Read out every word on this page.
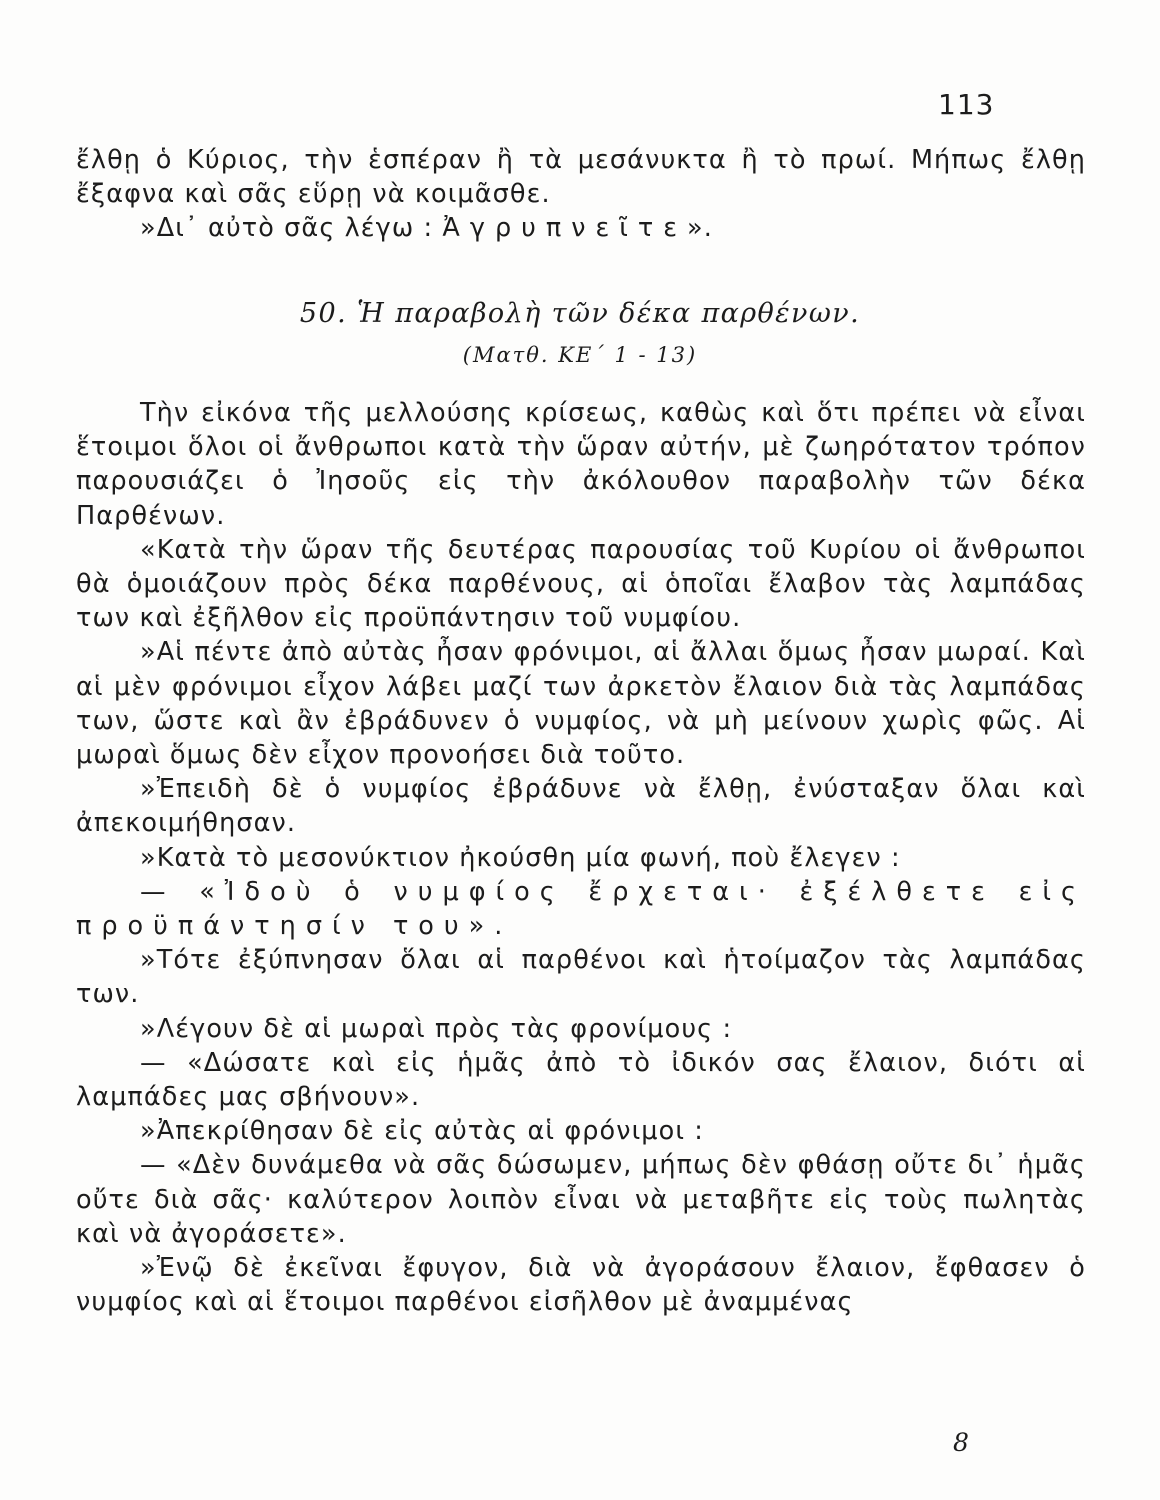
113

ἔλθῃ ὁ Κύριος, τὴν ἑσπέραν ἢ τὰ μεσάνυκτα ἢ τὸ πρωί. Μήπως ἔλθῃ ἔξαφνα καὶ σᾶς εὕρῃ νὰ κοιμᾶσθε.

»Δι᾿ αὐτὸ σᾶς λέγω : Ἀγρυπνεῖτε».

50. Ἡ παραβολὴ τῶν δέκα παρθένων.
(Ματθ. ΚΕ΄ 1 - 13)

Τὴν εἰκόνα τῆς μελλούσης κρίσεως, καθὼς καὶ ὅτι πρέπει νὰ εἶναι ἕτοιμοι ὅλοι οἱ ἄνθρωποι κατὰ τὴν ὥραν αὐτήν, μὲ ζωηρότατον τρόπον παρουσιάζει ὁ Ἰησοῦς εἰς τὴν ἀκόλουθον παραβολὴν τῶν δέκα Παρθένων.

«Κατὰ τὴν ὥραν τῆς δευτέρας παρουσίας τοῦ Κυρίου οἱ ἄνθρωποι θὰ ὁμοιάζουν πρὸς δέκα παρθένους, αἱ ὁποῖαι ἔλαβον τὰς λαμπάδας των καὶ ἐξῆλθον εἰς προϋπάντησιν τοῦ νυμφίου.

»Αἱ πέντε ἀπὸ αὐτὰς ἦσαν φρόνιμοι, αἱ ἄλλαι ὅμως ἦσαν μωραί. Καὶ αἱ μὲν φρόνιμοι εἶχον λάβει μαζί των ἀρκετὸν ἔλαιον διὰ τὰς λαμπάδας των, ὥστε καὶ ἂν ἐβράδυνεν ὁ νυμφίος, νὰ μὴ μείνουν χωρὶς φῶς. Αἱ μωραὶ ὅμως δὲν εἶχον προνοήσει διὰ τοῦτο.

»Ἐπειδὴ δὲ ὁ νυμφίος ἐβράδυνε νὰ ἔλθῃ, ἐνύσταξαν ὅλαι καὶ ἀπεκοιμήθησαν.

»Κατὰ τὸ μεσονύκτιον ἠκούσθη μία φωνή, ποὺ ἔλεγεν :

— «Ἰδοὺ ὁ νυμφίος ἔρχεται· ἐξέλθετε εἰς προϋπάντησίν του».

»Τότε ἐξύπνησαν ὅλαι αἱ παρθένοι καὶ ἡτοίμαζον τὰς λαμπάδας των.

»Λέγουν δὲ αἱ μωραὶ πρὸς τὰς φρονίμους :

— «Δώσατε καὶ εἰς ἡμᾶς ἀπὸ τὸ ἰδικόν σας ἔλαιον, διότι αἱ λαμπάδες μας σβήνουν».

»Ἀπεκρίθησαν δὲ εἰς αὐτὰς αἱ φρόνιμοι :

— «Δὲν δυνάμεθα νὰ σᾶς δώσωμεν, μήπως δὲν φθάσῃ οὔτε δι᾿ ἡμᾶς οὔτε διὰ σᾶς· καλύτερον λοιπὸν εἶναι νὰ μεταβῆτε εἰς τοὺς πωλητὰς καὶ νὰ ἀγοράσετε».

»Ἐνῷ δὲ ἐκεῖναι ἔφυγον, διὰ νὰ ἀγοράσουν ἔλαιον, ἔφθασεν ὁ νυμφίος καὶ αἱ ἕτοιμοι παρθένοι εἰσῆλθον μὲ ἀναμμένας

8
